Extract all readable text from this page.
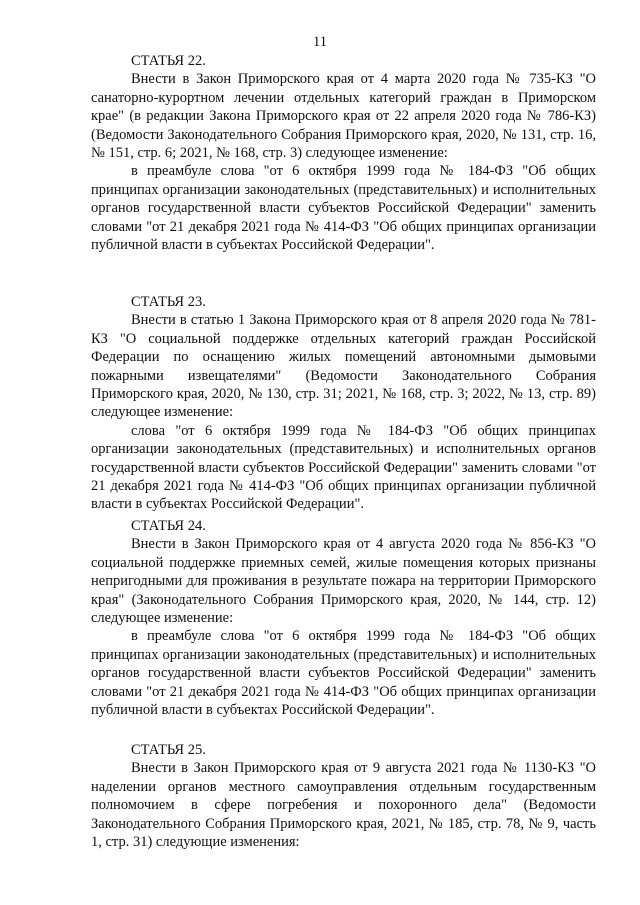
11

СТАТЬЯ 22.

Внести в Закон Приморского края от 4 марта 2020 года № 735-КЗ "О санаторно-курортном лечении отдельных категорий граждан в Приморском крае" (в редакции Закона Приморского края от 22 апреля 2020 года № 786-КЗ) (Ведомости Законодательного Собрания Приморского края, 2020, № 131, стр. 16, № 151, стр. 6; 2021, № 168, стр. 3) следующее изменение:

в преамбуле слова "от 6 октября 1999 года № 184-ФЗ "Об общих принципах организации законодательных (представительных) и исполнительных органов государственной власти субъектов Российской Федерации" заменить словами "от 21 декабря 2021 года № 414-ФЗ "Об общих принципах организации публичной власти в субъектах Российской Федерации".

СТАТЬЯ 23.

Внести в статью 1 Закона Приморского края от 8 апреля 2020 года № 781-КЗ "О социальной поддержке отдельных категорий граждан Российской Федерации по оснащению жилых помещений автономными дымовыми пожарными извещателями" (Ведомости Законодательного Собрания Приморского края, 2020, № 130, стр. 31; 2021, № 168, стр. 3; 2022, № 13, стр. 89) следующее изменение:

слова "от 6 октября 1999 года № 184-ФЗ "Об общих принципах организации законодательных (представительных) и исполнительных органов государственной власти субъектов Российской Федерации" заменить словами "от 21 декабря 2021 года № 414-ФЗ "Об общих принципах организации публичной власти в субъектах Российской Федерации".

СТАТЬЯ 24.

Внести в Закон Приморского края от 4 августа 2020 года № 856-КЗ "О социальной поддержке приемных семей, жилые помещения которых признаны непригодными для проживания в результате пожара на территории Приморского края" (Законодательного Собрания Приморского края, 2020, № 144, стр. 12) следующее изменение:

в преамбуле слова "от 6 октября 1999 года № 184-ФЗ "Об общих принципах организации законодательных (представительных) и исполнительных органов государственной власти субъектов Российской Федерации" заменить словами "от 21 декабря 2021 года № 414-ФЗ "Об общих принципах организации публичной власти в субъектах Российской Федерации".

СТАТЬЯ 25.

Внести в Закон Приморского края от 9 августа 2021 года № 1130-КЗ "О наделении органов местного самоуправления отдельным государственным полномочием в сфере погребения и похоронного дела" (Ведомости Законодательного Собрания Приморского края, 2021, № 185, стр. 78, № 9, часть 1, стр. 31) следующие изменения:
